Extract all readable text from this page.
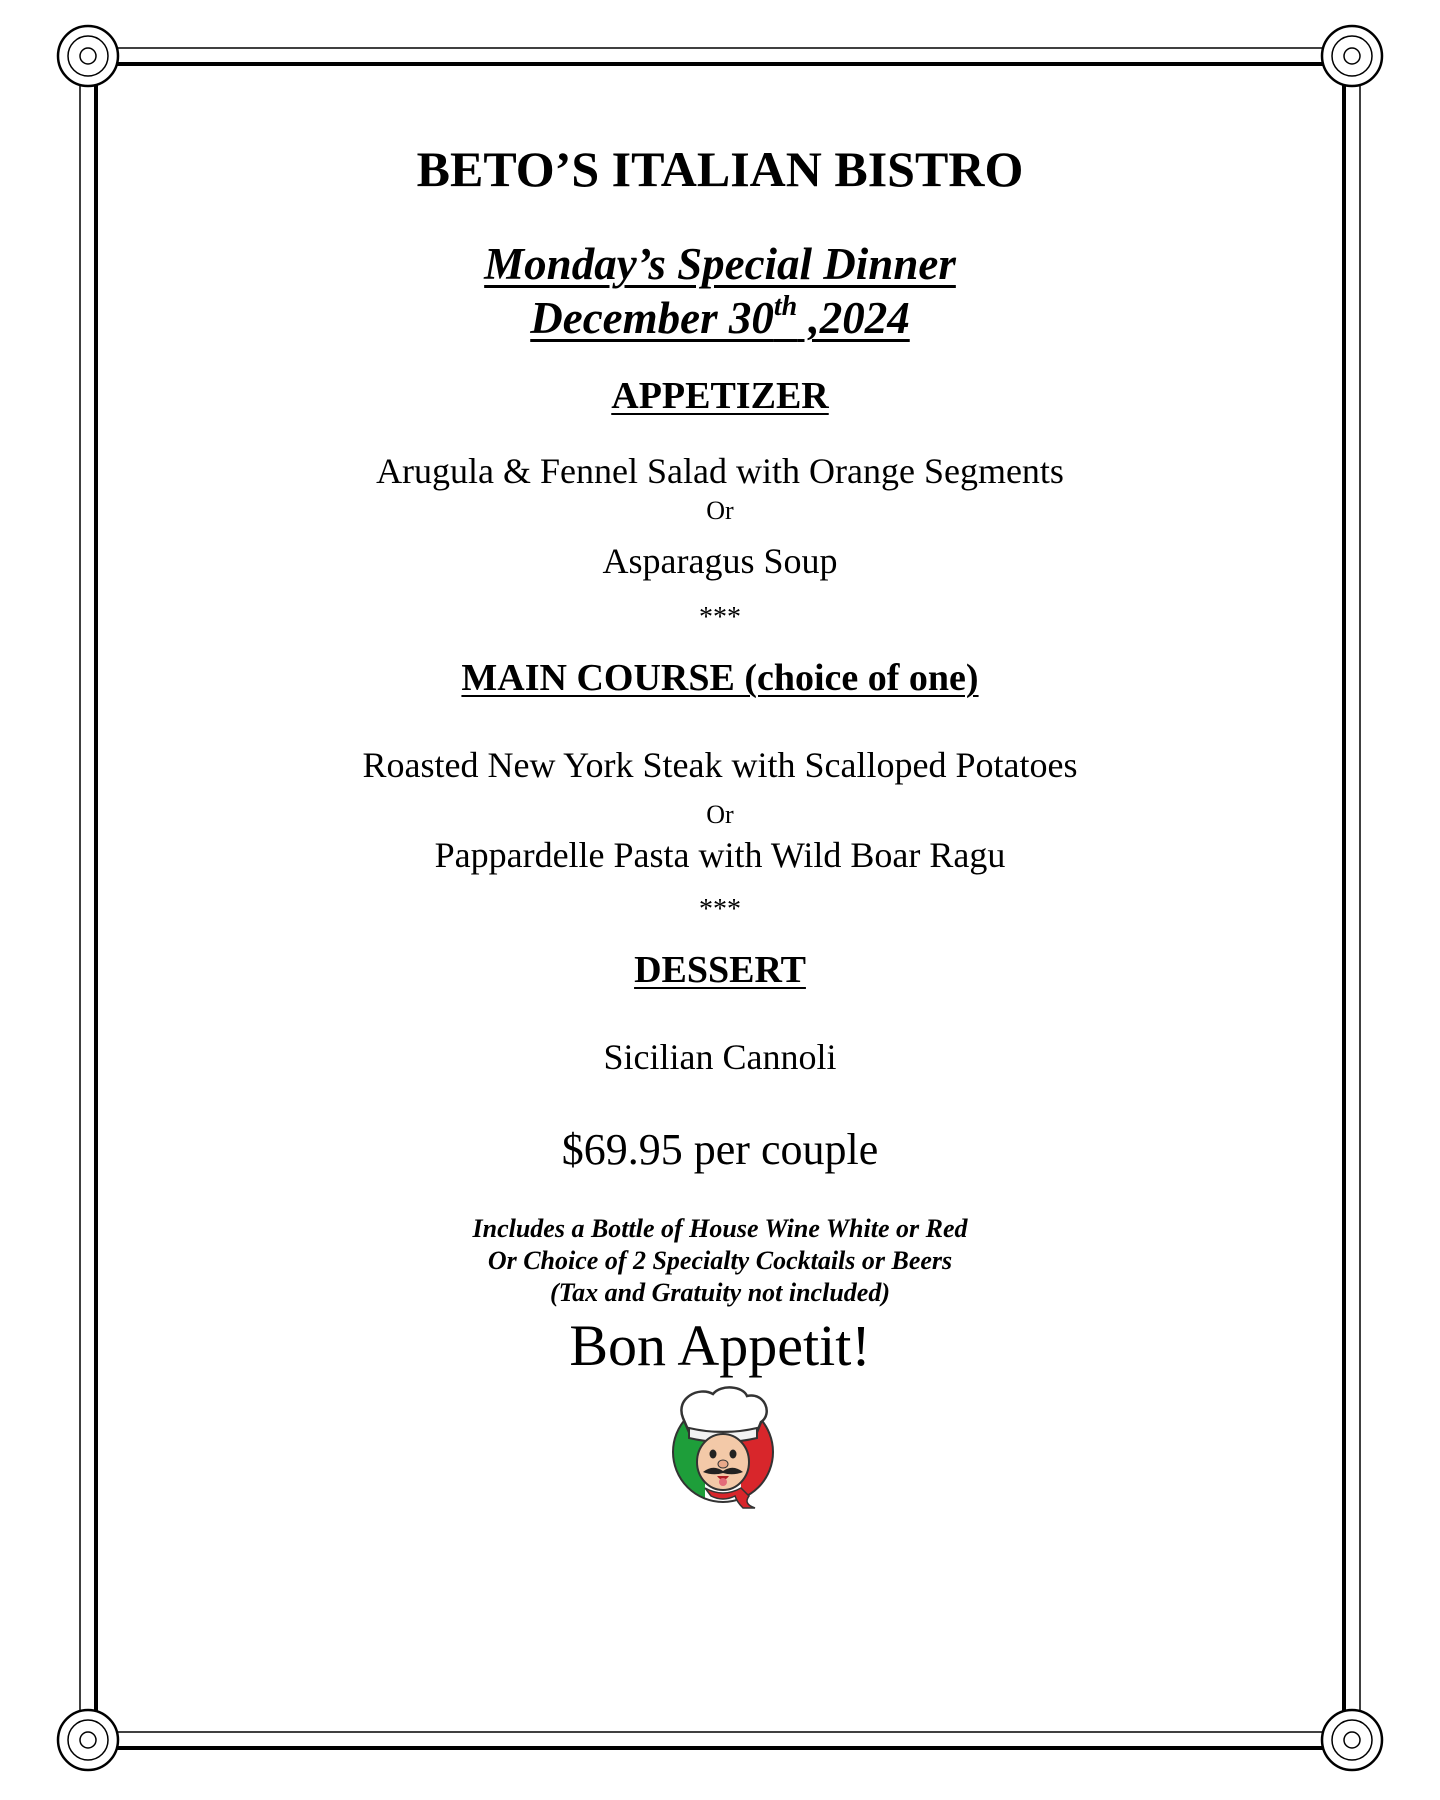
BETO’S ITALIAN BISTRO

Monday’s Special Dinner

December 30th ,2024

APPETIZER

Arugula & Fennel Salad with Orange Segments

Or

Asparagus Soup

***

MAIN COURSE (choice of one)

Roasted New York Steak with Scalloped Potatoes

Or

Pappardelle Pasta with Wild Boar Ragu

***

DESSERT

Sicilian Cannoli

$69.95 per couple

Includes a Bottle of House Wine White or Red

Or Choice of 2 Specialty Cocktails or Beers

(Tax and Gratuity not included)

Bon Appetit!
